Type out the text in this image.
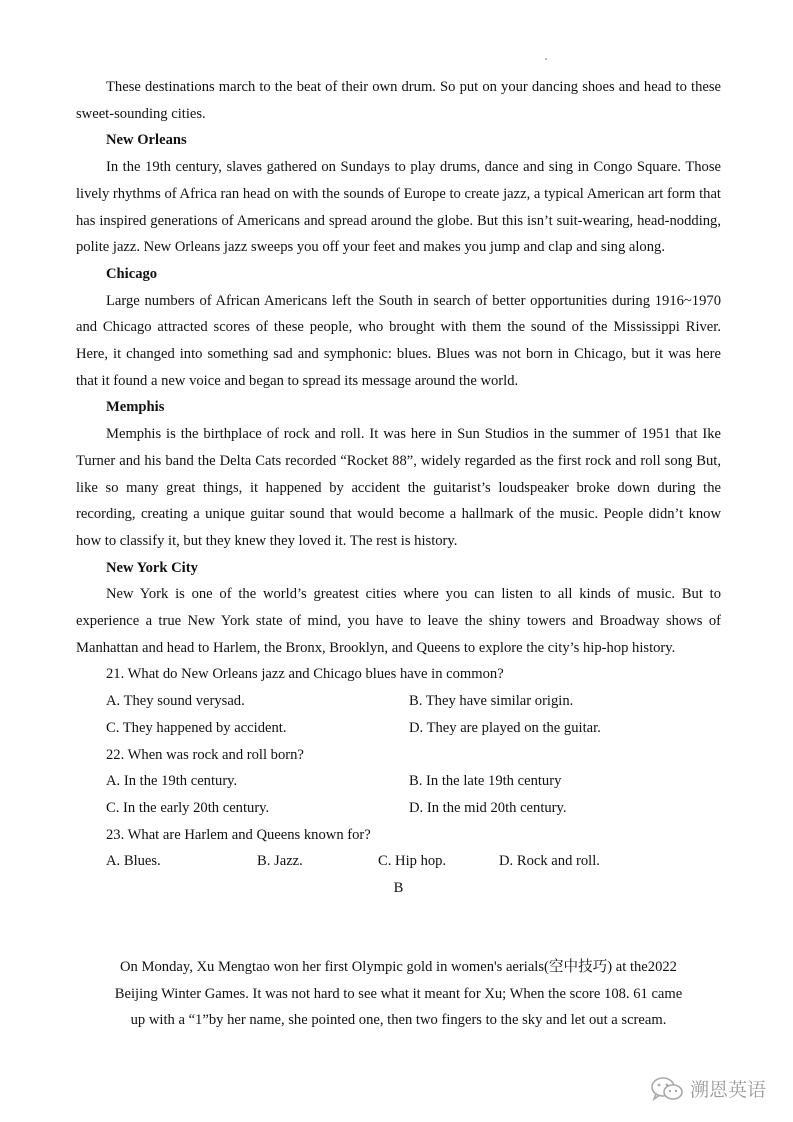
These destinations march to the beat of their own drum. So put on your dancing shoes and head to these sweet-sounding cities.

New Orleans

In the 19th century, slaves gathered on Sundays to play drums, dance and sing in Congo Square. Those lively rhythms of Africa ran head on with the sounds of Europe to create jazz, a typical American art form that has inspired generations of Americans and spread around the globe. But this isn’t suit-wearing, head-nodding, polite jazz. New Orleans jazz sweeps you off your feet and makes you jump and clap and sing along.

Chicago

Large numbers of African Americans left the South in search of better opportunities during 1916~1970 and Chicago attracted scores of these people, who brought with them the sound of the Mississippi River. Here, it changed into something sad and symphonic: blues. Blues was not born in Chicago, but it was here that it found a new voice and began to spread its message around the world.

Memphis

Memphis is the birthplace of rock and roll. It was here in Sun Studios in the summer of 1951 that Ike Turner and his band the Delta Cats recorded “Rocket 88”, widely regarded as the first rock and roll song But, like so many great things, it happened by accident the guitarist’s loudspeaker broke down during the recording, creating a unique guitar sound that would become a hallmark of the music. People didn’t know how to classify it, but they knew they loved it. The rest is history.

New York City

New York is one of the world’s greatest cities where you can listen to all kinds of music. But to experience a true New York state of mind, you have to leave the shiny towers and Broadway shows of Manhattan and head to Harlem, the Bronx, Brooklyn, and Queens to explore the city’s hip-hop history.

21. What do New Orleans jazz and Chicago blues have in common?
A. They sound verysad.	B. They have similar origin.
C. They happened by accident.	D. They are played on the guitar.
22. When was rock and roll born?
A. In the 19th century.	B. In the late 19th century
C. In the early 20th century.	D. In the mid 20th century.
23. What are Harlem and Queens known for?
A. Blues.	B. Jazz.	C. Hip hop.	D. Rock and roll.
B

On Monday, Xu Mengtao won her first Olympic gold in women's aerials(空中技巧) at the2022

Beijing Winter Games. It was not hard to see what it meant for Xu; When the score 108. 61 came

up with a “1”by her name, she pointed one, then two fingers to the sky and let out a scream.

溯恩英语
